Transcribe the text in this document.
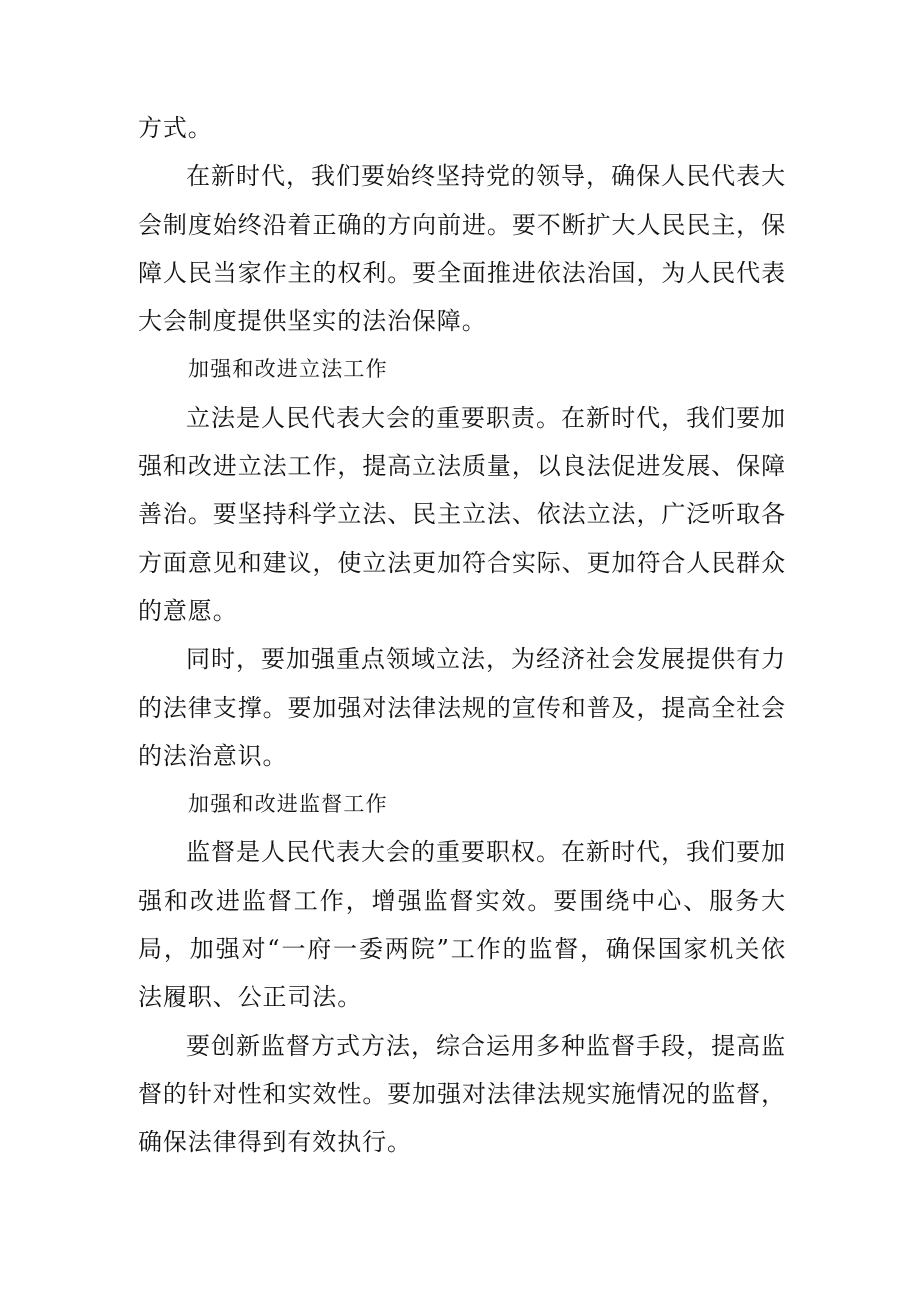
方式。

在新时代，我们要始终坚持党的领导，确保人民代表大会制度始终沿着正确的方向前进。要不断扩大人民民主，保障人民当家作主的权利。要全面推进依法治国，为人民代表大会制度提供坚实的法治保障。

加强和改进立法工作

立法是人民代表大会的重要职责。在新时代，我们要加强和改进立法工作，提高立法质量，以良法促进发展、保障善治。要坚持科学立法、民主立法、依法立法，广泛听取各方面意见和建议，使立法更加符合实际、更加符合人民群众的意愿。

同时，要加强重点领域立法，为经济社会发展提供有力的法律支撑。要加强对法律法规的宣传和普及，提高全社会的法治意识。

加强和改进监督工作

监督是人民代表大会的重要职权。在新时代，我们要加强和改进监督工作，增强监督实效。要围绕中心、服务大局，加强对“一府一委两院”工作的监督，确保国家机关依法履职、公正司法。

要创新监督方式方法，综合运用多种监督手段，提高监督的针对性和实效性。要加强对法律法规实施情况的监督，确保法律得到有效执行。
